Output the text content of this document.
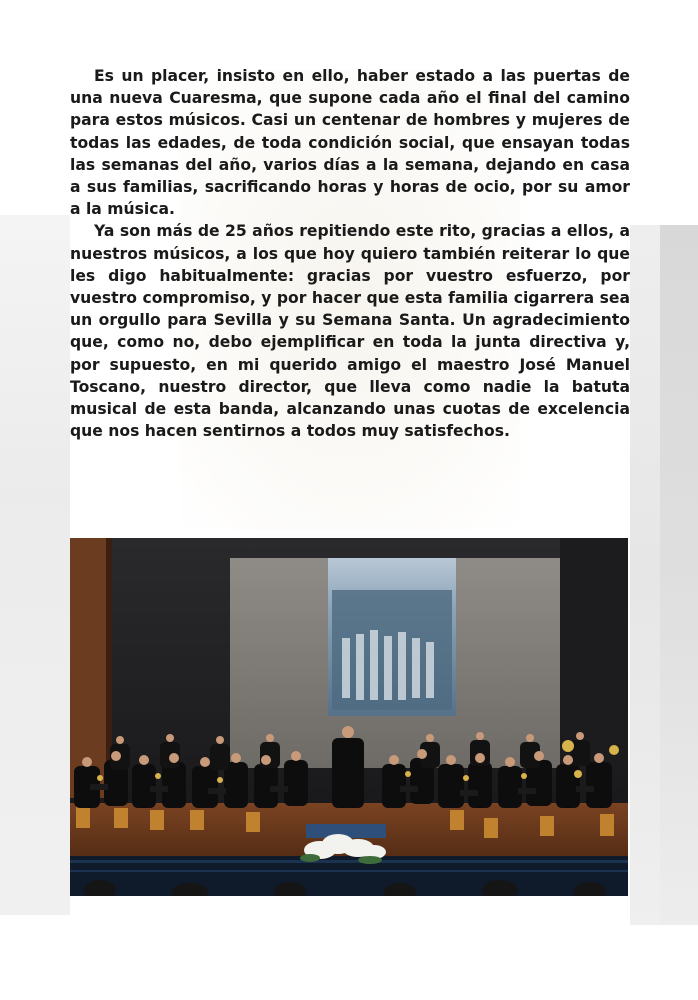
Es un placer, insisto en ello, haber estado a las puertas de una nueva Cuaresma, que supone cada año el final del camino para estos músicos. Casi un centenar de hombres y mujeres de todas las edades, de toda condición social, que ensayan todas las semanas del año, varios días a la semana, dejando en casa a sus familias, sacrificando horas y horas de ocio, por su amor a la música.

Ya son más de 25 años repitiendo este rito, gracias a ellos, a nuestros músicos, a los que hoy quiero también reiterar lo que les digo habitualmente: gracias por vuestro esfuerzo, por vuestro compromiso, y por hacer que esta familia cigarrera sea un orgullo para Sevilla y su Semana Santa. Un agradecimiento que, como no, debo ejemplificar en toda la junta directiva y, por supuesto, en mi querido amigo el maestro José Manuel Toscano, nuestro director, que lleva como nadie la batuta musical de esta banda, alcanzando unas cuotas de excelencia que nos hacen sentirnos a todos muy satisfechos.
